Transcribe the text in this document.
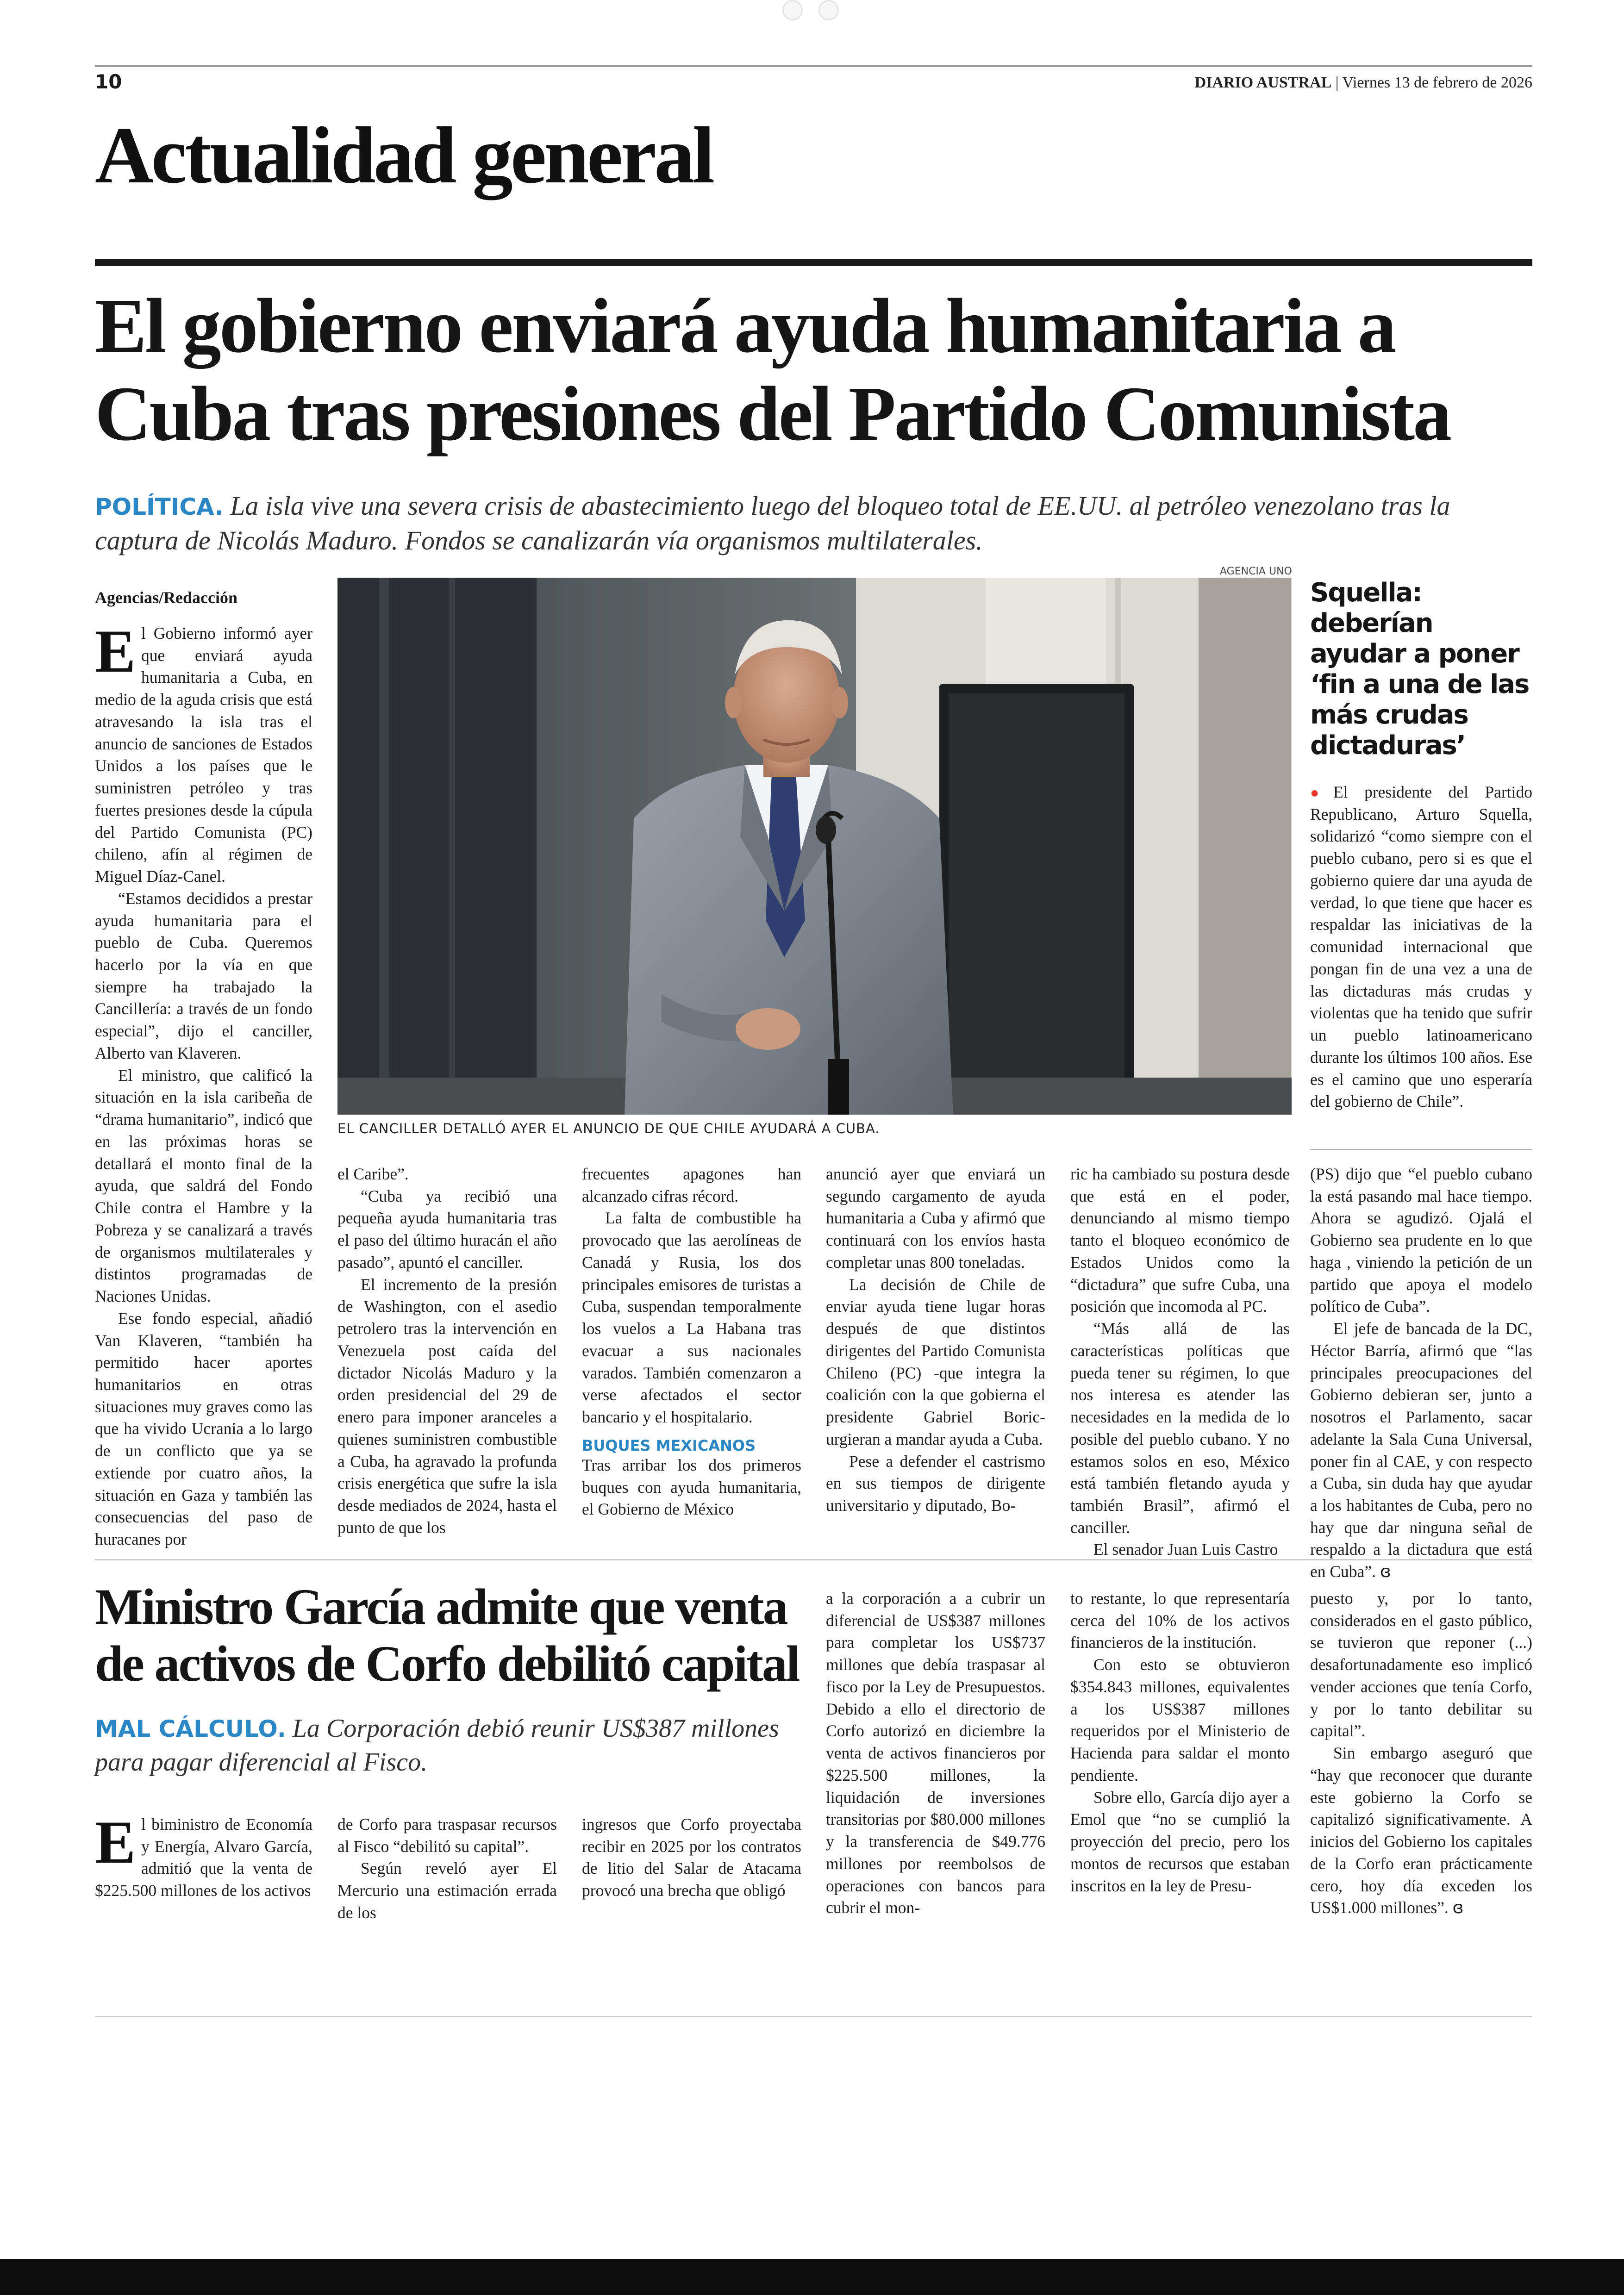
10	DIARIO AUSTRAL | Viernes 13 de febrero de 2026
Actualidad general
El gobierno enviará ayuda humanitaria a
Cuba tras presiones del Partido Comunista
POLÍTICA. La isla vive una severa crisis de abastecimiento luego del bloqueo total de EE.UU. al petróleo venezolano tras la captura de Nicolás Maduro. Fondos se canalizarán vía organismos multilaterales.
Agencias/Redacción

El Gobierno informó ayer que enviará ayuda humanitaria a Cuba, en medio de la aguda crisis que está atravesando la isla tras el anuncio de sanciones de Estados Unidos a los países que le suministren petróleo y tras fuertes presiones desde la cúpula del Partido Comunista (PC) chileno, afín al régimen de Miguel Díaz-Canel.

“Estamos decididos a prestar ayuda humanitaria para el pueblo de Cuba. Queremos hacerlo por la vía en que siempre ha trabajado la Cancillería: a través de un fondo especial”, dijo el canciller, Alberto van Klaveren.

El ministro, que calificó la situación en la isla caribeña de “drama humanitario”, indicó que en las próximas horas se detallará el monto final de la ayuda, que saldrá del Fondo Chile contra el Hambre y la Pobreza y se canalizará a través de organismos multilaterales y distintos programadas de Naciones Unidas.

Ese fondo especial, añadió Van Klaveren, “también ha permitido hacer aportes humanitarios en otras situaciones muy graves como las que ha vivido Ucrania a lo largo de un conflicto que ya se extiende por cuatro años, la situación en Gaza y también las consecuencias del paso de huracanes por

AGENCIA UNO
EL CANCILLER DETALLÓ AYER EL ANUNCIO DE QUE CHILE AYUDARÁ A CUBA.
Squella: deberían ayudar a poner ‘fin a una de las más crudas dictaduras’

● El presidente del Partido Republicano, Arturo Squella, solidarizó “como siempre con el pueblo cubano, pero si es que el gobierno quiere dar una ayuda de verdad, lo que tiene que hacer es respaldar las iniciativas de la comunidad internacional que pongan fin de una vez a una de las dictaduras más crudas y violentas que ha tenido que sufrir un pueblo latinoamericano durante los últimos 100 años. Ese es el camino que uno esperaría del gobierno de Chile”.

el Caribe”.

“Cuba ya recibió una pequeña ayuda humanitaria tras el paso del último huracán el año pasado”, apuntó el canciller.

El incremento de la presión de Washington, con el asedio petrolero tras la intervención en Venezuela post caída del dictador Nicolás Maduro y la orden presidencial del 29 de enero para imponer aranceles a quienes suministren combustible a Cuba, ha agravado la profunda crisis energética que sufre la isla desde mediados de 2024, hasta el punto de que los

frecuentes apagones han alcanzado cifras récord.

La falta de combustible ha provocado que las aerolíneas de Canadá y Rusia, los dos principales emisores de turistas a Cuba, suspendan temporalmente los vuelos a La Habana tras evacuar a sus nacionales varados. También comenzaron a verse afectados el sector bancario y el hospitalario.

BUQUES MEXICANOS

Tras arribar los dos primeros buques con ayuda humanitaria, el Gobierno de México

anunció ayer que enviará un segundo cargamento de ayuda humanitaria a Cuba y afirmó que continuará con los envíos hasta completar unas 800 toneladas.

La decisión de Chile de enviar ayuda tiene lugar horas después de que distintos dirigentes del Partido Comunista Chileno (PC) -que integra la coalición con la que gobierna el presidente Gabriel Boric- urgieran a mandar ayuda a Cuba.

Pese a defender el castrismo en sus tiempos de dirigente universitario y diputado, Bo-

ric ha cambiado su postura desde que está en el poder, denunciando al mismo tiempo tanto el bloqueo económico de Estados Unidos como la “dictadura” que sufre Cuba, una posición que incomoda al PC.

“Más allá de las características políticas que pueda tener su régimen, lo que nos interesa es atender las necesidades en la medida de lo posible del pueblo cubano. Y no estamos solos en eso, México está también fletando ayuda y también Brasil”, afirmó el canciller.

El senador Juan Luis Castro

(PS) dijo que “el pueblo cubano la está pasando mal hace tiempo. Ahora se agudizó. Ojalá el Gobierno sea prudente en lo que haga , viniendo la petición de un partido que apoya el modelo político de Cuba”.

El jefe de bancada de la DC, Héctor Barría, afirmó que “las principales preocupaciones del Gobierno debieran ser, junto a nosotros el Parlamento, sacar adelante la Sala Cuna Universal, poner fin al CAE, y con respecto a Cuba, sin duda hay que ayudar a los habitantes de Cuba, pero no hay que dar ninguna señal de respaldo a la dictadura que está en Cuba”. ɞ

Ministro García admite que venta
de activos de Corfo debilitó capital
MAL CÁLCULO. La Corporación debió reunir US$387 millones para pagar diferencial al Fisco.

El biministro de Economía y Energía, Alvaro García, admitió que la venta de $225.500 millones de los activos

de Corfo para traspasar recursos al Fisco “debilitó su capital”.

Según reveló ayer El Mercurio una estimación errada de los

ingresos que Corfo proyectaba recibir en 2025 por los contratos de litio del Salar de Atacama provocó una brecha que obligó

a la corporación a a cubrir un diferencial de US$387 millones para completar los US$737 millones que debía traspasar al fisco por la Ley de Presupuestos. Debido a ello el directorio de Corfo autorizó en diciembre la venta de activos financieros por $225.500 millones, la liquidación de inversiones transitorias por $80.000 millones y la transferencia de $49.776 millones por reembolsos de operaciones con bancos para cubrir el mon-

to restante, lo que representaría cerca del 10% de los activos financieros de la institución.

Con esto se obtuvieron $354.843 millones, equivalentes a los US$387 millones requeridos por el Ministerio de Hacienda para saldar el monto pendiente.

Sobre ello, García dijo ayer a Emol que “no se cumplió la proyección del precio, pero los montos de recursos que estaban inscritos en la ley de Presu-

puesto y, por lo tanto, considerados en el gasto público, se tuvieron que reponer (...) desafortunadamente eso implicó vender acciones que tenía Corfo, y por lo tanto debilitar su capital”.

Sin embargo aseguró que “hay que reconocer que durante este gobierno la Corfo se capitalizó significativamente. A inicios del Gobierno los capitales de la Corfo eran prácticamente cero, hoy día exceden los US$1.000 millones”. ɞ
